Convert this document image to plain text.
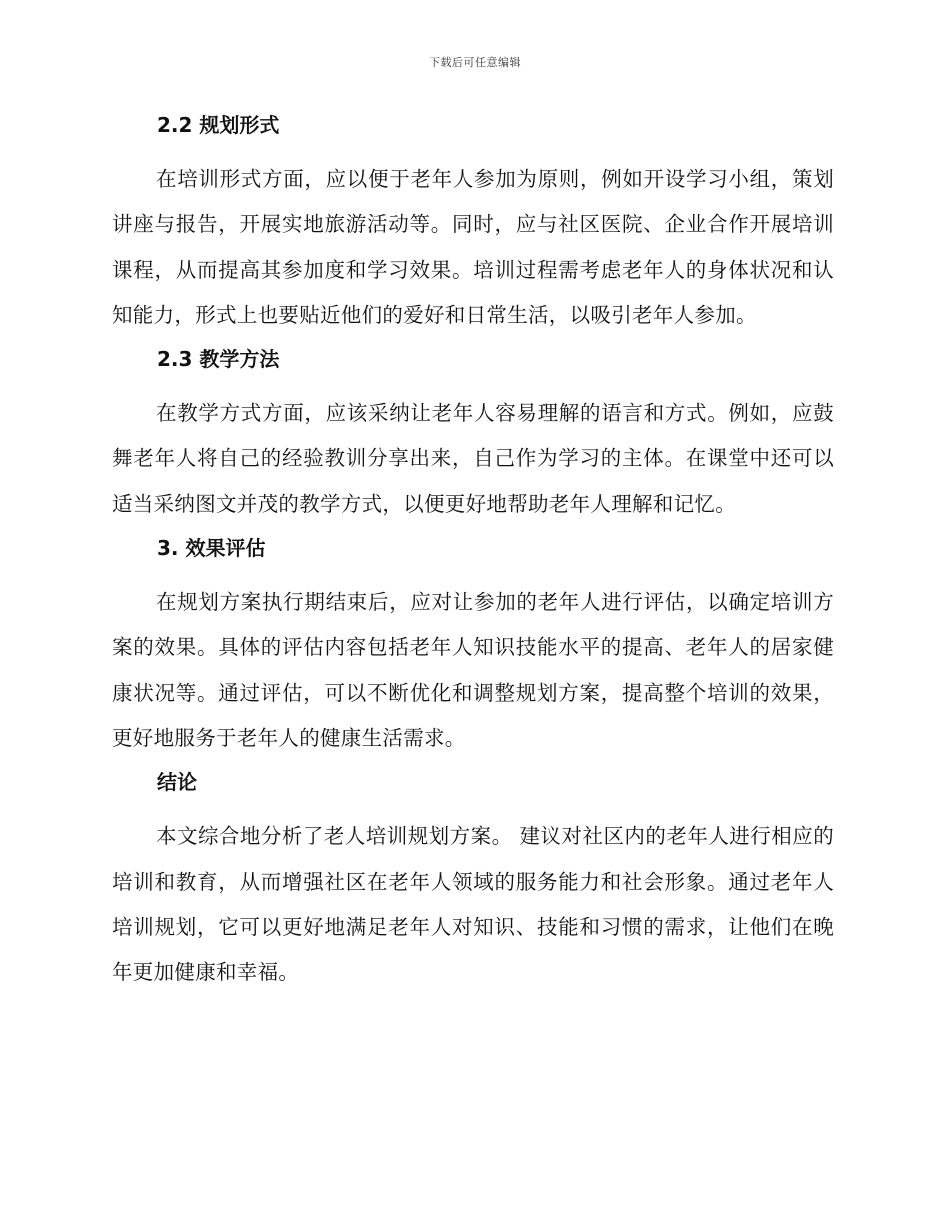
下载后可任意编辑
2.2 规划形式

在培训形式方面，应以便于老年人参加为原则，例如开设学习小组，策划讲座与报告，开展实地旅游活动等。同时，应与社区医院、企业合作开展培训课程，从而提高其参加度和学习效果。培训过程需考虑老年人的身体状况和认知能力，形式上也要贴近他们的爱好和日常生活，以吸引老年人参加。

2.3 教学方法

在教学方式方面，应该采纳让老年人容易理解的语言和方式。例如，应鼓舞老年人将自己的经验教训分享出来，自己作为学习的主体。在课堂中还可以适当采纳图文并茂的教学方式，以便更好地帮助老年人理解和记忆。

3. 效果评估

在规划方案执行期结束后，应对让参加的老年人进行评估，以确定培训方案的效果。具体的评估内容包括老年人知识技能水平的提高、老年人的居家健康状况等。通过评估，可以不断优化和调整规划方案，提高整个培训的效果，更好地服务于老年人的健康生活需求。

结论

本文综合地分析了老人培训规划方案。 建议对社区内的老年人进行相应的培训和教育，从而增强社区在老年人领域的服务能力和社会形象。通过老年人培训规划，它可以更好地满足老年人对知识、技能和习惯的需求，让他们在晚年更加健康和幸福。
